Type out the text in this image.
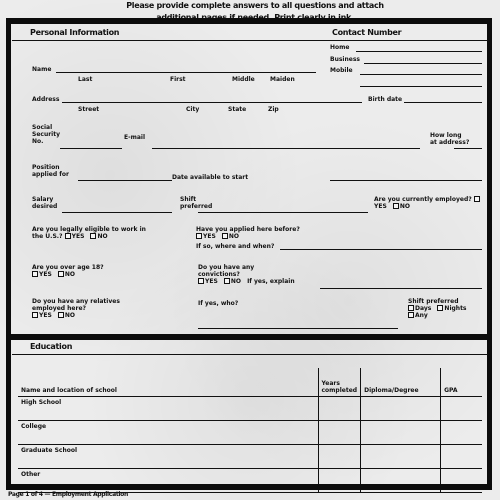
Please provide complete answers to all questions and attach
Personal Information	Contact Number
Home
Business
Mobile
Name
Last	First	Middle	Maiden
Address
Street	City	State	Zip
Birth date
Social Security No.
E-mail	How long at address?
Position applied for	Date available to start
Salary desired
Shift preferred
Are you currently employed? YES NO
Are you legally eligible to work in the U.S.? YES NO
Have you applied here before? YES NO
If so, where and when?
Are you over age 18?
YES NO
Do you have any convictions?
YES NO If yes, explain
Do you have any relatives employed here?
YES NO
If yes, who?	Shift preferred
Days Nights
Any
Education
Name and location of school	Years completed	Diploma/Degree	GPA
High School			
College			
Graduate School			
Other			
Page 1 of 4 — Employment Application
